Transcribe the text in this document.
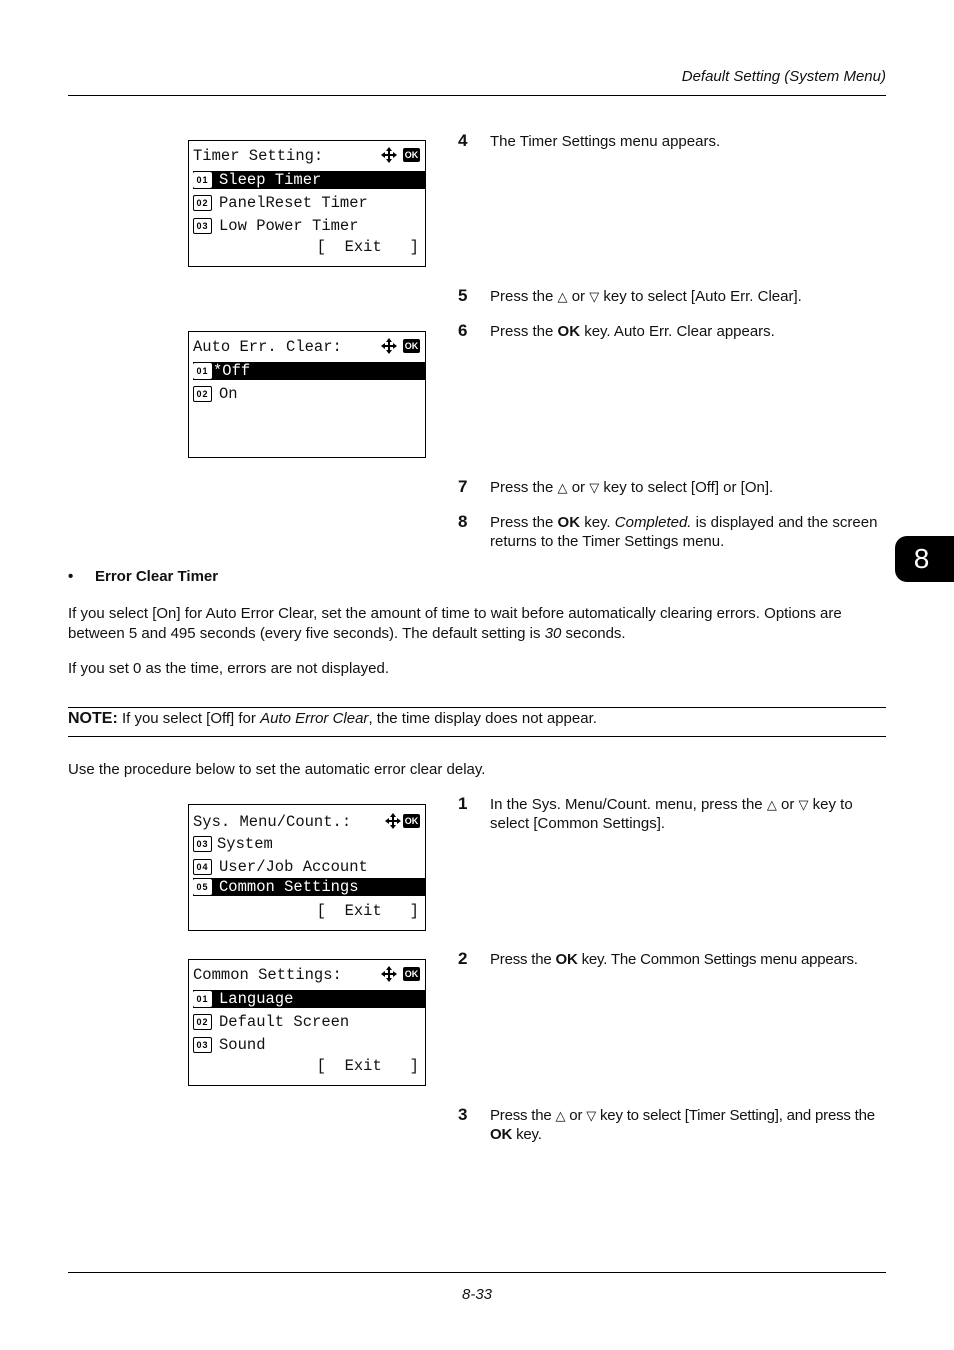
Default Setting (System Menu)
8
Timer Setting:	OK
01 Sleep Timer
02 PanelReset Timer
03 Low Power Timer
[  Exit   ]
Auto Err. Clear:	OK
01 *Off
02 On
4 The Timer Settings menu appears.
5 Press the △ or ▽ key to select [Auto Err. Clear].
6 Press the OK key. Auto Err. Clear appears.
7 Press the △ or ▽ key to select [Off] or [On].
8 Press the OK key. Completed. is displayed and the screen returns to the Timer Settings menu.
• Error Clear Timer
If you select [On] for Auto Error Clear, set the amount of time to wait before automatically clearing errors. Options are between 5 and 495 seconds (every five seconds). The default setting is 30 seconds.
If you set 0 as the time, errors are not displayed.
NOTE: If you select [Off] for Auto Error Clear, the time display does not appear.
Use the procedure below to set the automatic error clear delay.
Sys. Menu/Count.:	OK
03 System
04 User/Job Account
05 Common Settings
[  Exit   ]
Common Settings:	OK
01 Language
02 Default Screen
03 Sound
[  Exit   ]
1 In the Sys. Menu/Count. menu, press the △ or ▽ key to select [Common Settings].
2 Press the OK key. The Common Settings menu appears.
3 Press the △ or ▽ key to select [Timer Setting], and press the OK key.
8-33
